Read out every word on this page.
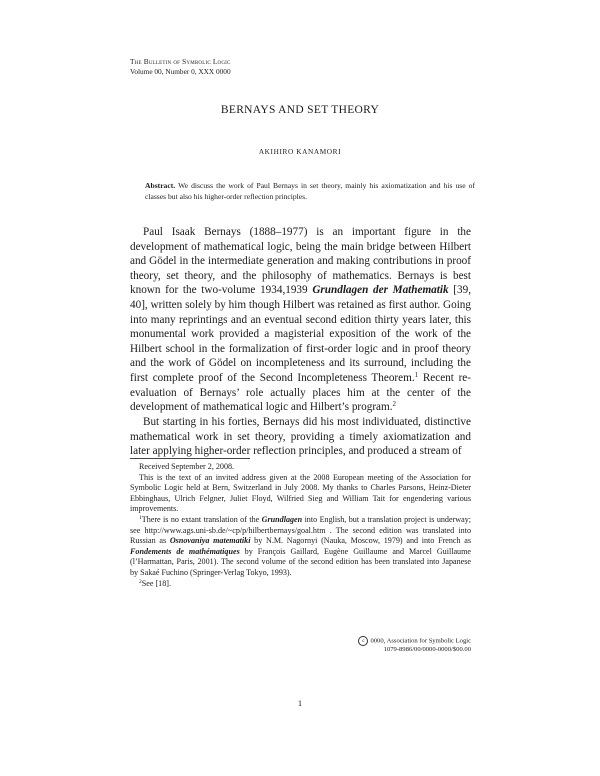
The Bulletin of Symbolic Logic
Volume 00, Number 0, XXX 0000
BERNAYS AND SET THEORY
AKIHIRO KANAMORI
Abstract. We discuss the work of Paul Bernays in set theory, mainly his axiomatization and his use of classes but also his higher-order reflection principles.

Paul Isaak Bernays (1888–1977) is an important figure in the development of mathematical logic, being the main bridge between Hilbert and Gödel in the intermediate generation and making contributions in proof theory, set theory, and the philosophy of mathematics. Bernays is best known for the two-volume 1934,1939 Grundlagen der Mathematik [39, 40], written solely by him though Hilbert was retained as first author. Going into many reprintings and an eventual second edition thirty years later, this monumental work provided a magisterial exposition of the work of the Hilbert school in the formalization of first-order logic and in proof theory and the work of Gödel on incompleteness and its surround, including the first complete proof of the Second Incompleteness Theorem.$^1$ Recent re-evaluation of Bernays’ role actually places him at the center of the development of mathematical logic and Hilbert’s program.$^2$

But starting in his forties, Bernays did his most individuated, distinctive mathematical work in set theory, providing a timely axiomatization and later applying higher-order reflection principles, and produced a stream of

Received September 2, 2008.

This is the text of an invited address given at the 2008 European meeting of the Association for Symbolic Logic held at Bern, Switzerland in July 2008. My thanks to Charles Parsons, Heinz-Dieter Ebbinghaus, Ulrich Felgner, Juliet Floyd, Wilfried Sieg and William Tait for engendering various improvements.

$^1$There is no extant translation of the Grundlagen into English, but a translation project is underway; see http://www.ags.uni-sb.de/~cp/p/hilbertbernays/goal.htm . The second edition was translated into Russian as Osnovaniya matematiki by N.M. Nagornyi (Nauka, Moscow, 1979) and into French as Fondements de mathématiques by François Gaillard, Eugène Guillaume and Marcel Guillaume (l’Harmattan, Paris, 2001). The second volume of the second edition has been translated into Japanese by Sakaé Fuchino (Springer-Verlag Tokyo, 1993).

$^2$See [18].

c 0000, Association for Symbolic Logic
1079-8986/00/0000-0000/$00.00
1
